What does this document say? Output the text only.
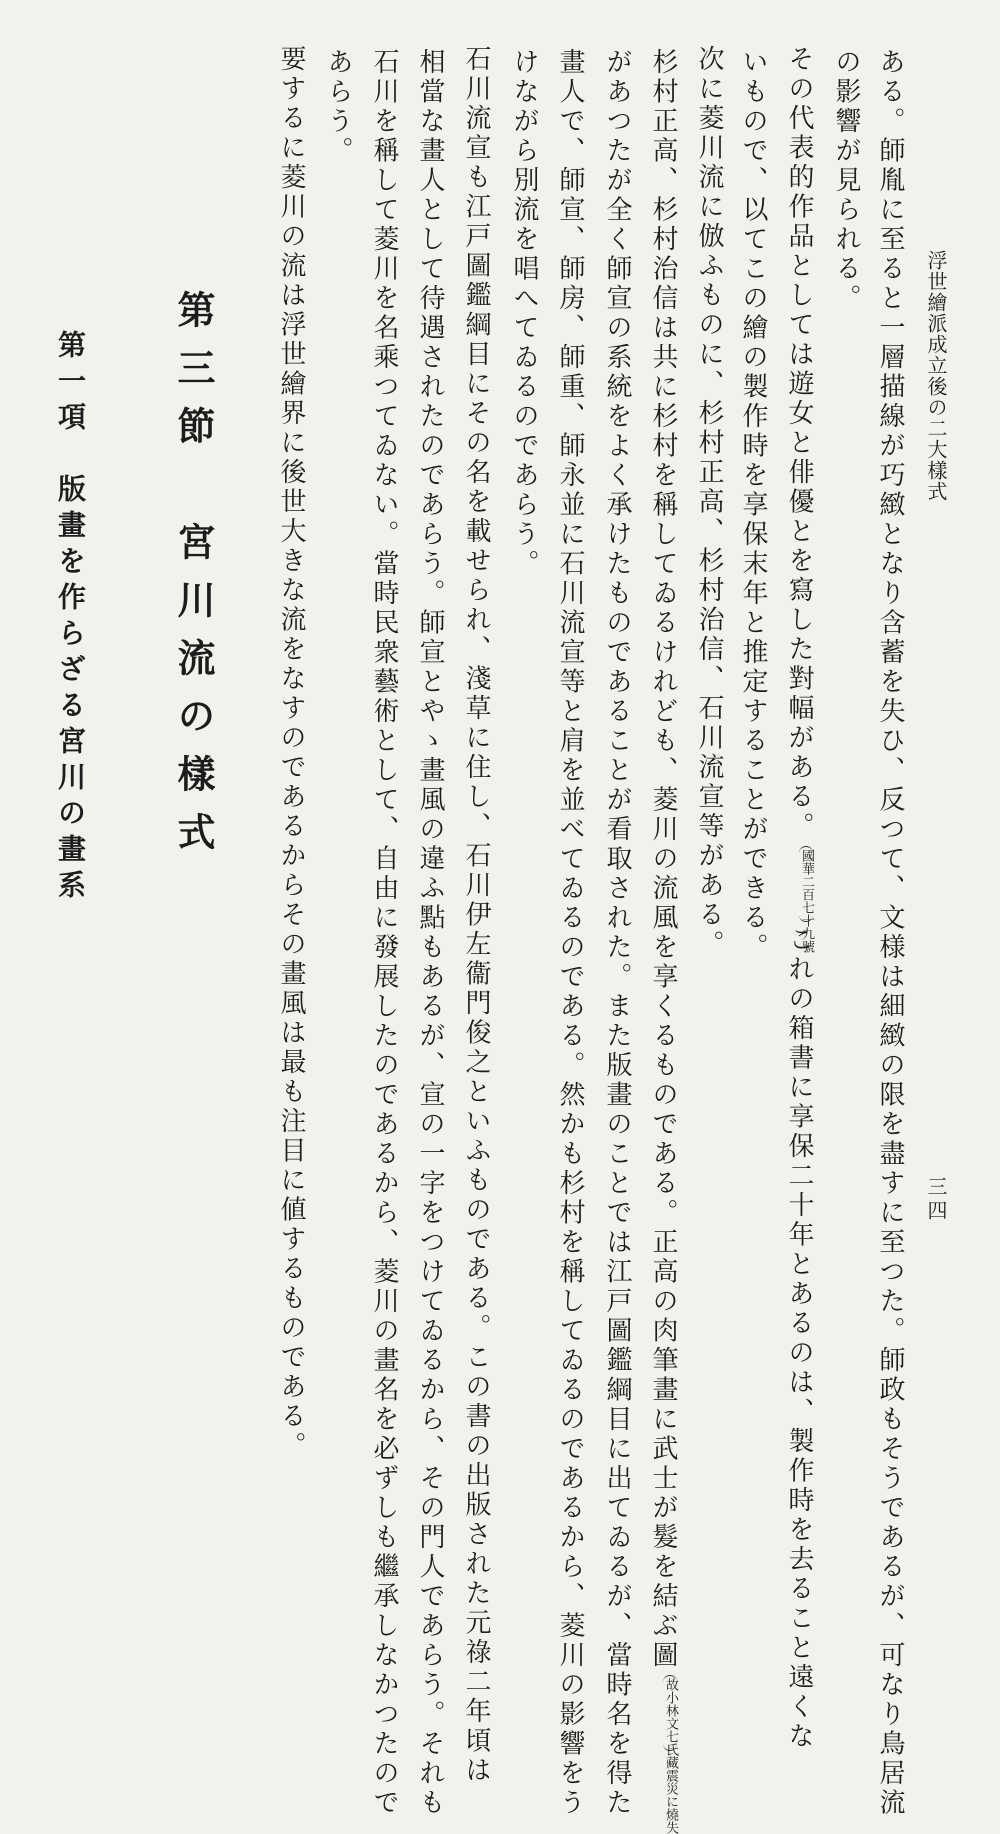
浮世繪派成立後の二大樣式
三四
の影響が見られる。 ある。師胤に至ると一層描線が巧緻となり含蓄を失ひ、反つて、文様は細緻の限を盡すに至つた。師政もそうであるが、可なり鳥居流
その代表的作品としては遊女と俳優とを寫した對幅がある。國華二百七十九號これの箱書に享保二十年とあるのは、製作時を去ること遠くな
いもので、以てこの繪の製作時を享保末年と推定することができる。
次に菱川流に倣ふものに、杉村正高、杉村治信、石川流宣等がある。
杉村正高、杉村治信は共に杉村を稱してゐるけれども、菱川の流風を享くるものである。正高の肉筆畫に武士が髮を結ぶ圖故小林文七氏藏震災に燒失
があつたが全く師宣の系統をよく承けたものであることが看取された。また版畫のことでは江戸圖鑑綱目に出てゐるが、當時名を得た
畫人で、師宣、師房、師重、師永並に石川流宣等と肩を並べてゐるのである。然かも杉村を稱してゐるのであるから、菱川の影響をう
けながら別流を唱へてゐるのであらう。
石川流宣も江戸圖鑑綱目にその名を載せられ、淺草に住し、石川伊左衞門俊之といふものである。この書の出版された元祿二年頃は
相當な畫人として待遇されたのであらう。師宣とやゝ畫風の違ふ點もあるが、宣の一字をつけてゐるから、その門人であらう。それも
石川を稱して菱川を名乘つてゐない。當時民衆藝術として、自由に發展したのであるから、菱川の畫名を必ずしも繼承しなかつたので
あらう。
要するに菱川の流は浮世繪界に後世大きな流をなすのであるからその畫風は最も注目に値するものである。
第三節　宮川流の樣式
第一項　版畫を作らざる宮川の畫系
